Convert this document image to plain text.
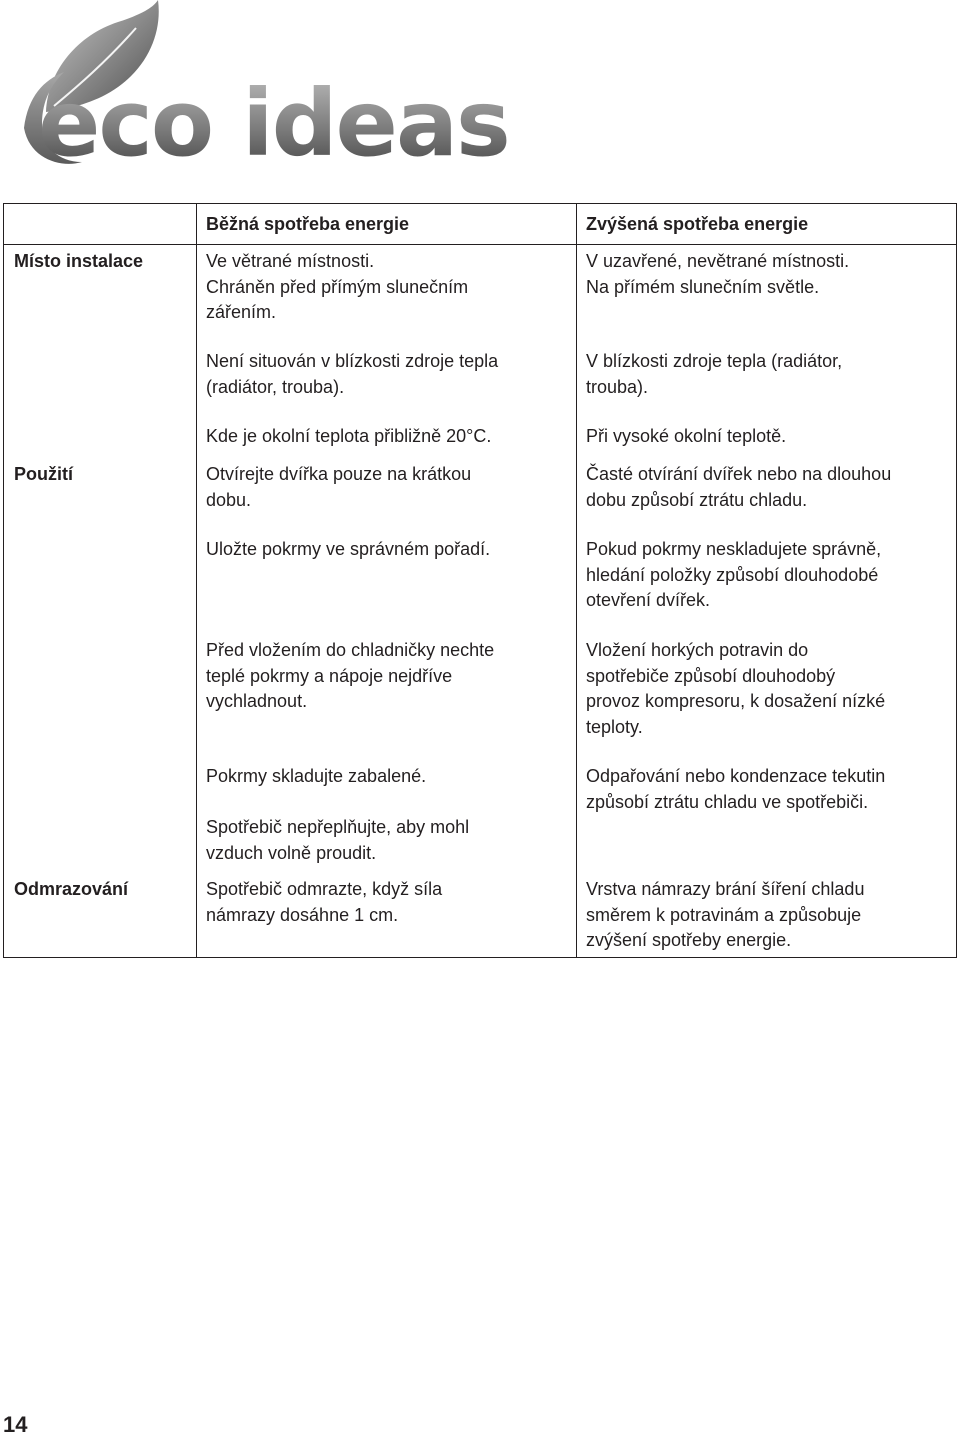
eco ideas
Běžná spotřeba energie	Zvýšená spotřeba energie
Místo instalace
Použití
Odmrazování
Ve větrané místnosti.
Chráněn před přímým slunečním
zářením.
Není situován v blízkosti zdroje tepla
(radiátor, trouba).
Kde je okolní teplota přibližně 20°C.
Otvírejte dvířka pouze na krátkou
dobu.
Uložte pokrmy ve správném pořadí.
Před vložením do chladničky nechte
teplé pokrmy a nápoje nejdříve
vychladnout.
Pokrmy skladujte zabalené.
Spotřebič nepřeplňujte, aby mohl
vzduch volně proudit.
Spotřebič odmrazte, když síla
námrazy dosáhne 1 cm.
V uzavřené, nevětrané místnosti.
Na přímém slunečním světle.
V blízkosti zdroje tepla (radiátor,
trouba).
Při vysoké okolní teplotě.
Časté otvírání dvířek nebo na dlouhou
dobu způsobí ztrátu chladu.
Pokud pokrmy neskladujete správně,
hledání položky způsobí dlouhodobé
otevření dvířek.
Vložení horkých potravin do
spotřebiče způsobí dlouhodobý
provoz kompresoru, k dosažení nízké
teploty.
Odpařování nebo kondenzace tekutin
způsobí ztrátu chladu ve spotřebiči.
Vrstva námrazy brání šíření chladu
směrem k potravinám a způsobuje
zvýšení spotřeby energie.
14
